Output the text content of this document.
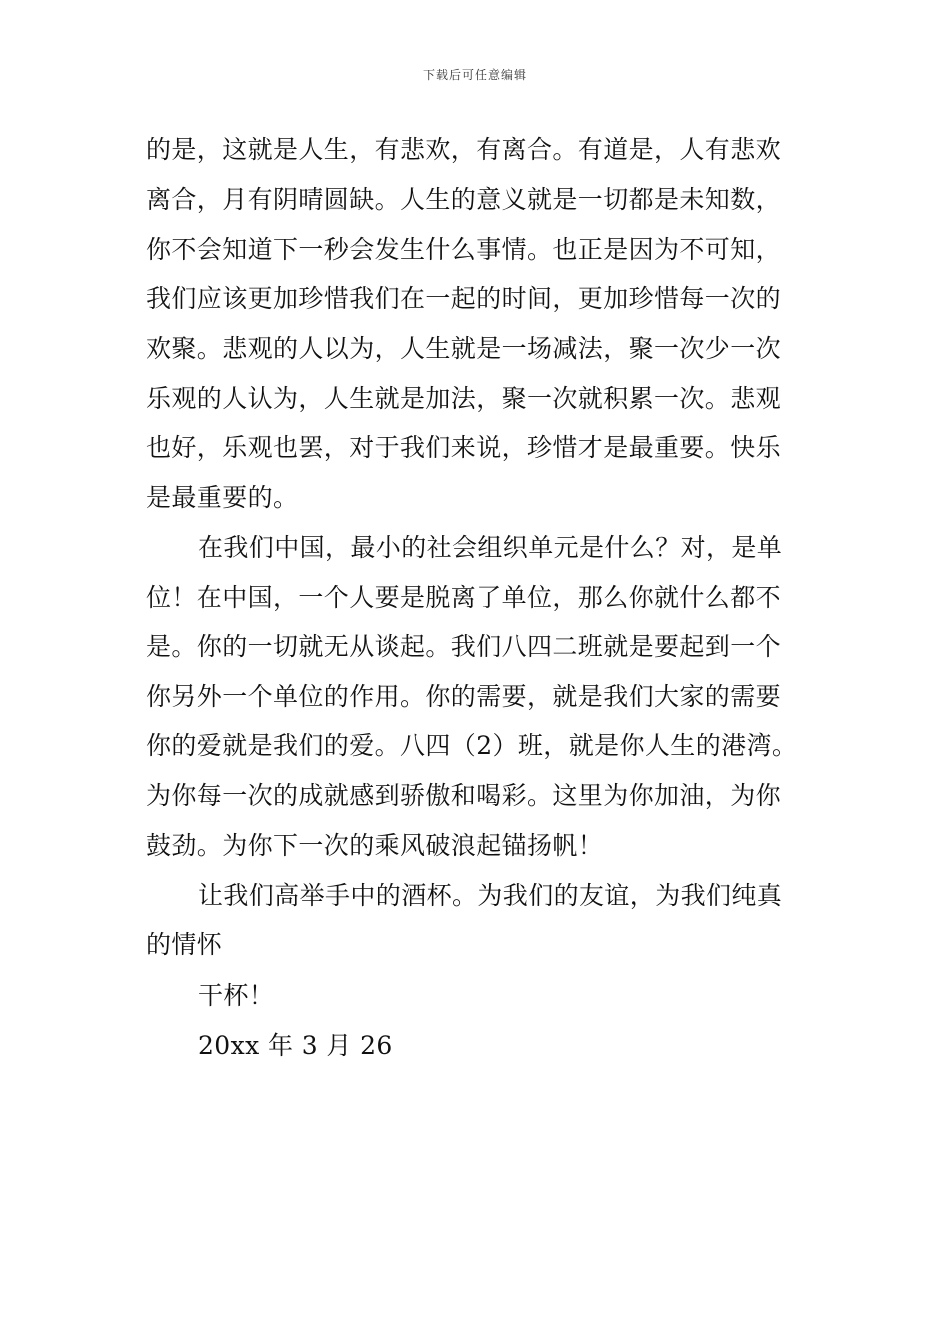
下载后可任意编辑
的是，这就是人生，有悲欢，有离合。有道是，人有悲欢
离合，月有阴晴圆缺。人生的意义就是一切都是未知数，
你不会知道下一秒会发生什么事情。也正是因为不可知，
我们应该更加珍惜我们在一起的时间，更加珍惜每一次的
欢聚。悲观的人以为，人生就是一场减法，聚一次少一次
乐观的人认为，人生就是加法，聚一次就积累一次。悲观
也好，乐观也罢，对于我们来说，珍惜才是最重要。快乐
是最重要的。
在我们中国，最小的社会组织单元是什么？对，是单
位！在中国，一个人要是脱离了单位，那么你就什么都不
是。你的一切就无从谈起。我们八四二班就是要起到一个
你另外一个单位的作用。你的需要，就是我们大家的需要
你的爱就是我们的爱。八四（2）班，就是你人生的港湾。
为你每一次的成就感到骄傲和喝彩。这里为你加油，为你
鼓劲。为你下一次的乘风破浪起锚扬帆！
让我们高举手中的酒杯。为我们的友谊，为我们纯真
的情怀
干杯！
20xx 年 3 月 26
